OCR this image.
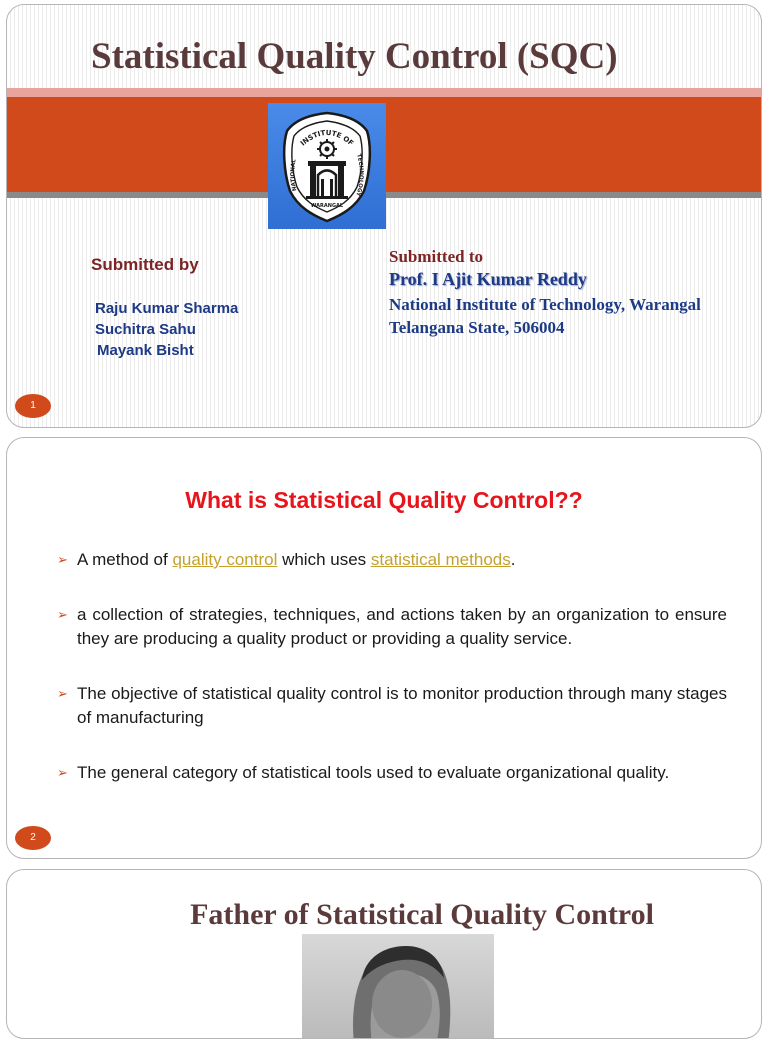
Statistical Quality Control (SQC)
INSTITUTE OF
NATIONAL
TECHNOLOGY
WARANGAL
Submitted by
Raju Kumar Sharma
Suchitra Sahu
Mayank Bisht
Submitted to
Prof. I Ajit Kumar Reddy
National Institute of Technology, Warangal
Telangana State, 506004
1
What is Statistical Quality Control??
➢ A method of quality control which uses statistical methods.
➢ a collection of strategies, techniques, and actions taken by an organization to ensure they are producing a quality product or providing a quality service.
➢ The objective of statistical quality control is to monitor production through many stages of manufacturing
➢ The general category of statistical tools used to evaluate organizational quality.
2
Father of Statistical Quality Control
